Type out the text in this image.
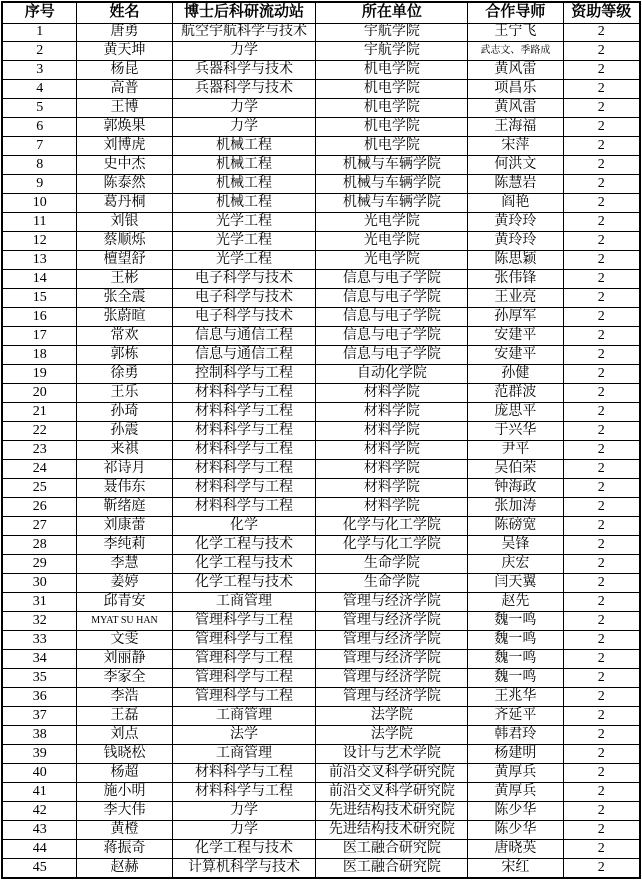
序号	姓名	博士后科研流动站	所在单位	合作导师	资助等级
1	唐勇	航空宇航科学与技术	宇航学院	王宁飞	2
2	黄天坤	力学	宇航学院	武志文、季路成	2
3	杨昆	兵器科学与技术	机电学院	黄风雷	2
4	高普	兵器科学与技术	机电学院	项昌乐	2
5	王博	力学	机电学院	黄风雷	2
6	郭焕果	力学	机电学院	王海福	2
7	刘博虎	机械工程	机电学院	宋萍	2
8	史中杰	机械工程	机械与车辆学院	何洪文	2
9	陈泰然	机械工程	机械与车辆学院	陈慧岩	2
10	葛丹桐	机械工程	机械与车辆学院	阎艳	2
11	刘银	光学工程	光电学院	黄玲玲	2
12	蔡顺烁	光学工程	光电学院	黄玲玲	2
13	檀望舒	光学工程	光电学院	陈思颖	2
14	王彬	电子科学与技术	信息与电子学院	张伟锋	2
15	张全震	电子科学与技术	信息与电子学院	王业亮	2
16	张蔚暄	电子科学与技术	信息与电子学院	孙厚军	2
17	常欢	信息与通信工程	信息与电子学院	安建平	2
18	郭栋	信息与通信工程	信息与电子学院	安建平	2
19	徐勇	控制科学与工程	自动化学院	孙健	2
20	王乐	材料科学与工程	材料学院	范群波	2
21	孙琦	材料科学与工程	材料学院	庞思平	2
22	孙震	材料科学与工程	材料学院	于兴华	2
23	来祺	材料科学与工程	材料学院	尹平	2
24	祁诗月	材料科学与工程	材料学院	吴伯荣	2
25	聂伟东	材料科学与工程	材料学院	钟海政	2
26	靳绪庭	材料科学与工程	材料学院	张加涛	2
27	刘康蕾	化学	化学与化工学院	陈磅宽	2
28	李纯莉	化学工程与技术	化学与化工学院	吴锋	2
29	李慧	化学工程与技术	生命学院	庆宏	2
30	姜婷	化学工程与技术	生命学院	闫天翼	2
31	邱青安	工商管理	管理与经济学院	赵先	2
32	MYAT SU HAN	管理科学与工程	管理与经济学院	魏一鸣	2
33	文雯	管理科学与工程	管理与经济学院	魏一鸣	2
34	刘丽静	管理科学与工程	管理与经济学院	魏一鸣	2
35	李家全	管理科学与工程	管理与经济学院	魏一鸣	2
36	李浩	管理科学与工程	管理与经济学院	王兆华	2
37	王磊	工商管理	法学院	齐延平	2
38	刘点	法学	法学院	韩君玲	2
39	钱晓松	工商管理	设计与艺术学院	杨建明	2
40	杨超	材料科学与工程	前沿交叉科学研究院	黄厚兵	2
41	施小明	材料科学与工程	前沿交叉科学研究院	黄厚兵	2
42	李大伟	力学	先进结构技术研究院	陈少华	2
43	黄橙	力学	先进结构技术研究院	陈少华	2
44	蒋振奇	化学工程与技术	医工融合研究院	唐晓英	2
45	赵赫	计算机科学与技术	医工融合研究院	宋红	2
